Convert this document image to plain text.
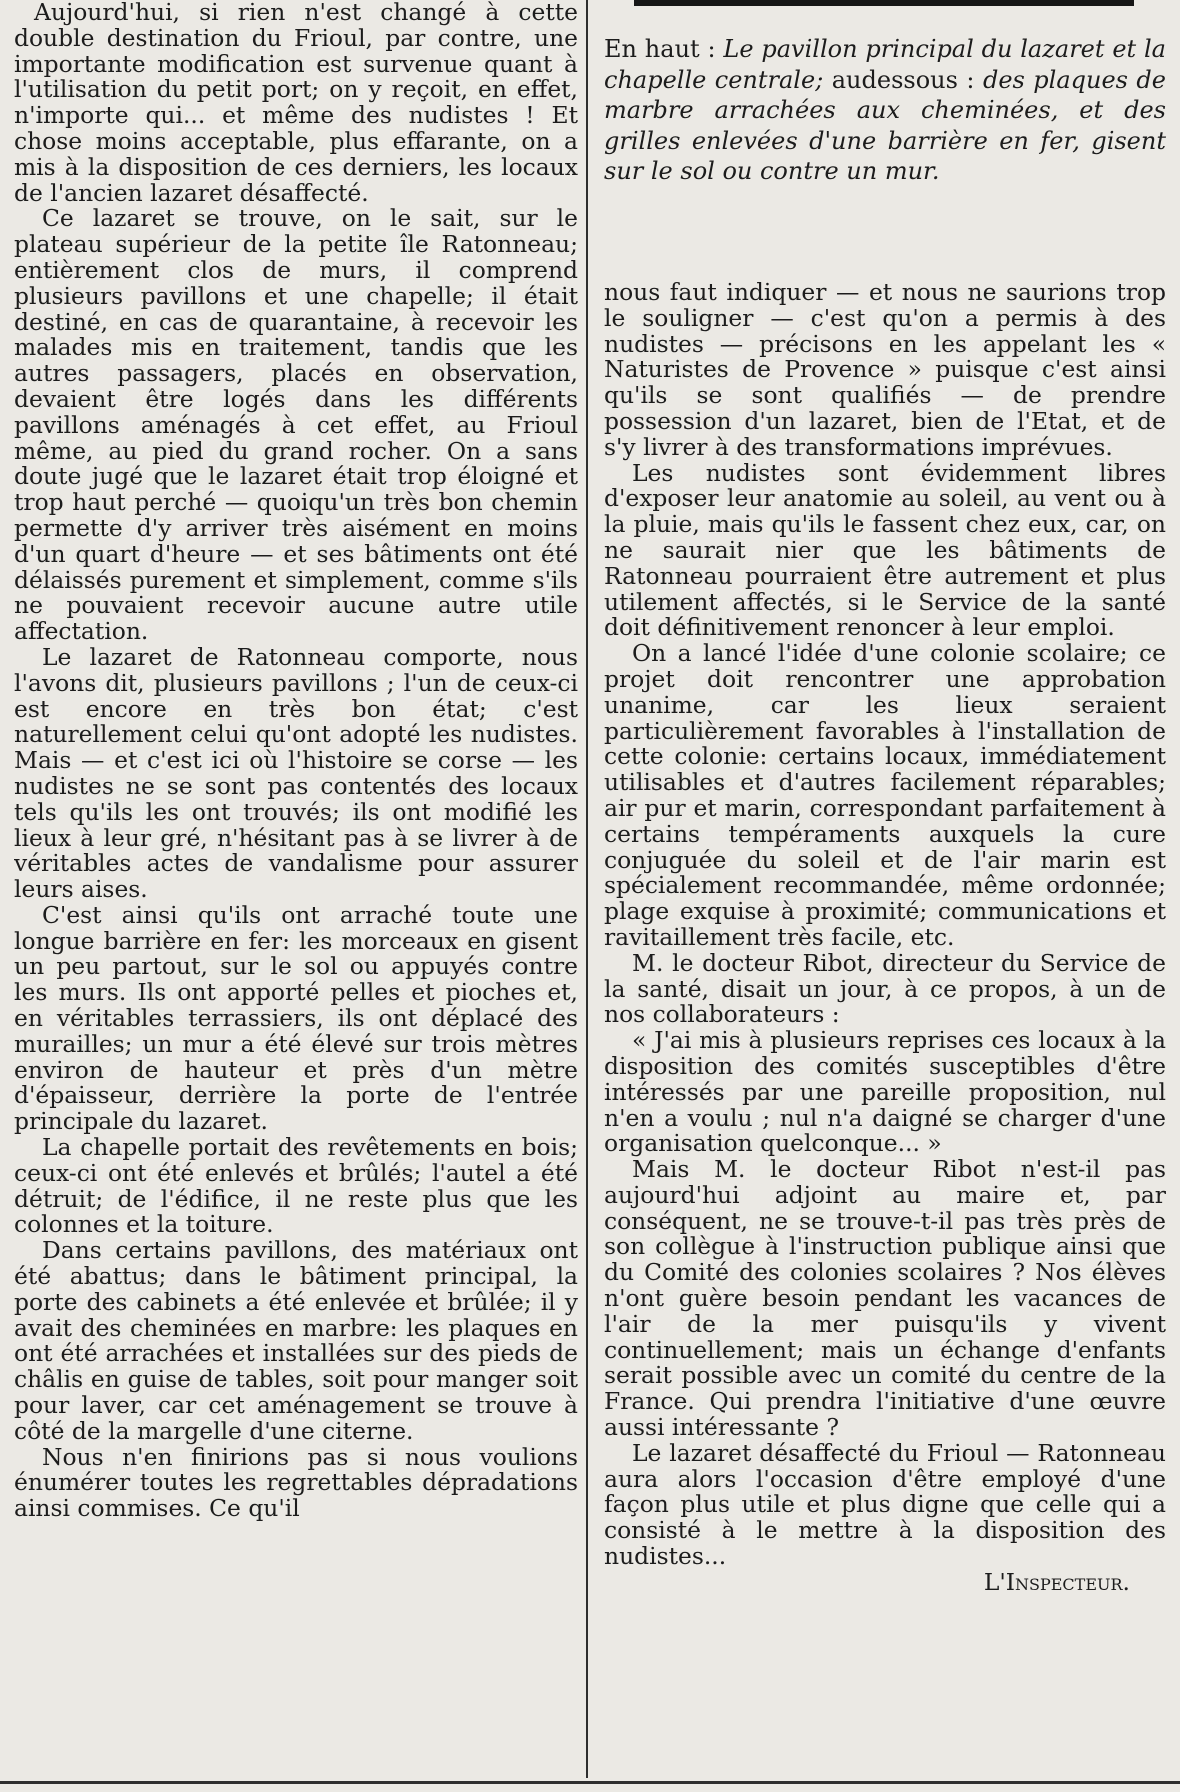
Aujourd'hui, si rien n'est changé à cette double destination du Frioul, par contre, une importante modification est survenue quant à l'utilisation du petit port; on y reçoit, en effet, n'importe qui... et même des nudistes ! Et chose moins acceptable, plus effarante, on a mis à la disposition de ces derniers, les locaux de l'ancien lazaret désaffecté.

Ce lazaret se trouve, on le sait, sur le plateau supérieur de la petite île Ratonneau; entièrement clos de murs, il comprend plusieurs pavillons et une chapelle; il était destiné, en cas de quarantaine, à recevoir les malades mis en traitement, tandis que les autres passagers, placés en observation, devaient être logés dans les différents pavillons aménagés à cet effet, au Frioul même, au pied du grand rocher. On a sans doute jugé que le lazaret était trop éloigné et trop haut perché — quoiqu'un très bon chemin permette d'y arriver très aisément en moins d'un quart d'heure — et ses bâtiments ont été délaissés purement et simplement, comme s'ils ne pouvaient recevoir aucune autre utile affectation.

Le lazaret de Ratonneau comporte, nous l'avons dit, plusieurs pavillons ; l'un de ceux-ci est encore en très bon état; c'est naturellement celui qu'ont adopté les nudistes. Mais — et c'est ici où l'histoire se corse — les nudistes ne se sont pas contentés des locaux tels qu'ils les ont trouvés; ils ont modifié les lieux à leur gré, n'hésitant pas à se livrer à de véritables actes de vandalisme pour assurer leurs aises.

C'est ainsi qu'ils ont arraché toute une longue barrière en fer: les morceaux en gisent un peu partout, sur le sol ou appuyés contre les murs. Ils ont apporté pelles et pioches et, en véritables terrassiers, ils ont déplacé des murailles; un mur a été élevé sur trois mètres environ de hauteur et près d'un mètre d'épaisseur, derrière la porte de l'entrée principale du lazaret.

La chapelle portait des revêtements en bois; ceux-ci ont été enlevés et brûlés; l'autel a été détruit; de l'édifice, il ne reste plus que les colonnes et la toiture.

Dans certains pavillons, des matériaux ont été abattus; dans le bâtiment principal, la porte des cabinets a été enlevée et brûlée; il y avait des cheminées en marbre: les plaques en ont été arrachées et installées sur des pieds de châlis en guise de tables, soit pour manger soit pour laver, car cet aménagement se trouve à côté de la margelle d'une citerne.

Nous n'en finirions pas si nous voulions énumérer toutes les regrettables dépradations ainsi commises. Ce qu'il

En haut : Le pavillon principal du lazaret et la chapelle centrale; audessous : des plaques de marbre arrachées aux cheminées, et des grilles enlevées d'une barrière en fer, gisent sur le sol ou contre un mur.

nous faut indiquer — et nous ne saurions trop le souligner — c'est qu'on a permis à des nudistes — précisons en les appelant les « Naturistes de Provence » puisque c'est ainsi qu'ils se sont qualifiés — de prendre possession d'un lazaret, bien de l'Etat, et de s'y livrer à des transformations imprévues.

Les nudistes sont évidemment libres d'exposer leur anatomie au soleil, au vent ou à la pluie, mais qu'ils le fassent chez eux, car, on ne saurait nier que les bâtiments de Ratonneau pourraient être autrement et plus utilement affectés, si le Service de la santé doit définitivement renoncer à leur emploi.

On a lancé l'idée d'une colonie scolaire; ce projet doit rencontrer une approbation unanime, car les lieux seraient particulièrement favorables à l'installation de cette colonie: certains locaux, immédiatement utilisables et d'autres facilement réparables; air pur et marin, correspondant parfaitement à certains tempéraments auxquels la cure conjuguée du soleil et de l'air marin est spécialement recommandée, même ordonnée; plage exquise à proximité; communications et ravitaillement très facile, etc.

M. le docteur Ribot, directeur du Service de la santé, disait un jour, à ce propos, à un de nos collaborateurs :

« J'ai mis à plusieurs reprises ces locaux à la disposition des comités susceptibles d'être intéressés par une pareille proposition, nul n'en a voulu ; nul n'a daigné se charger d'une organisation quelconque... »

Mais M. le docteur Ribot n'est-il pas aujourd'hui adjoint au maire et, par conséquent, ne se trouve-t-il pas très près de son collègue à l'instruction publique ainsi que du Comité des colonies scolaires ? Nos élèves n'ont guère besoin pendant les vacances de l'air de la mer puisqu'ils y vivent continuellement; mais un échange d'enfants serait possible avec un comité du centre de la France. Qui prendra l'initiative d'une œuvre aussi intéressante ?

Le lazaret désaffecté du Frioul — Ratonneau aura alors l'occasion d'être employé d'une façon plus utile et plus digne que celle qui a consisté à le mettre à la disposition des nudistes...

L'Inspecteur.
